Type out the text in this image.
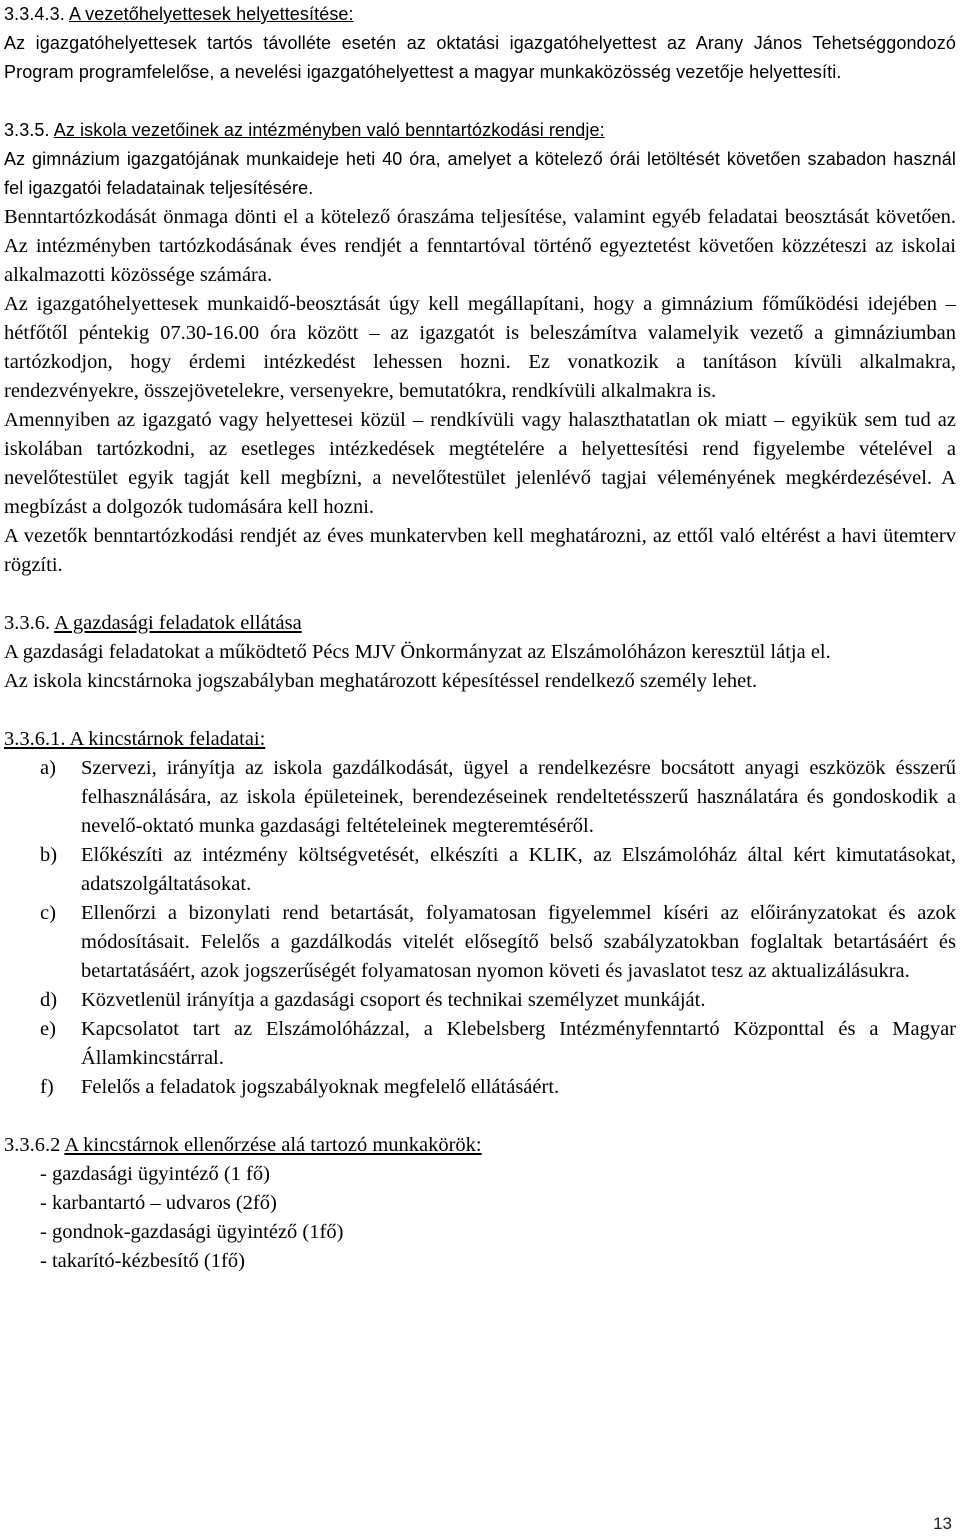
3.3.4.3. A vezetőhelyettesek helyettesítése:

Az igazgatóhelyettesek tartós távolléte esetén az oktatási igazgatóhelyettest az Arany János Tehetséggondozó Program programfelelőse, a nevelési igazgatóhelyettest a magyar munkaközösség vezetője helyettesíti.

3.3.5. Az iskola vezetőinek az intézményben való benntartózkodási rendje:

Az gimnázium igazgatójának munkaideje heti 40 óra, amelyet a kötelező órái letöltését követően szabadon használ fel igazgatói feladatainak teljesítésére.

Benntartózkodását önmaga dönti el a kötelező óraszáma teljesítése, valamint egyéb feladatai beosztását követően. Az intézményben tartózkodásának éves rendjét a fenntartóval történő egyeztetést követően közzéteszi az iskolai alkalmazotti közössége számára.

Az igazgatóhelyettesek munkaidő-beosztását úgy kell megállapítani, hogy a gimnázium főműködési idejében – hétfőtől péntekig 07.30-16.00 óra között – az igazgatót is beleszámítva valamelyik vezető a gimnáziumban tartózkodjon, hogy érdemi intézkedést lehessen hozni. Ez vonatkozik a tanításon kívüli alkalmakra, rendezvényekre, összejövetelekre, versenyekre, bemutatókra, rendkívüli alkalmakra is.

Amennyiben az igazgató vagy helyettesei közül – rendkívüli vagy halaszthatatlan ok miatt – egyikük sem tud az iskolában tartózkodni, az esetleges intézkedések megtételére a helyettesítési rend figyelembe vételével a nevelőtestület egyik tagját kell megbízni, a nevelőtestület jelenlévő tagjai véleményének megkérdezésével. A megbízást a dolgozók tudomására kell hozni.

A vezetők benntartózkodási rendjét az éves munkatervben kell meghatározni, az ettől való eltérést a havi ütemterv rögzíti.

3.3.6. A gazdasági feladatok ellátása

A gazdasági feladatokat a működtető Pécs MJV Önkormányzat az Elszámolóházon keresztül látja el.

Az iskola kincstárnoka jogszabályban meghatározott képesítéssel rendelkező személy lehet.

3.3.6.1. A kincstárnok feladatai:

a)	Szervezi, irányítja az iskola gazdálkodását, ügyel a rendelkezésre bocsátott anyagi eszközök ésszerű felhasználására, az iskola épületeinek, berendezéseinek rendeltetésszerű használatára és gondoskodik a nevelő-oktató munka gazdasági feltételeinek megteremtéséről.
b)	Előkészíti az intézmény költségvetését, elkészíti a KLIK, az Elszámolóház által kért kimutatásokat, adatszolgáltatásokat.
c)	Ellenőrzi a bizonylati rend betartását, folyamatosan figyelemmel kíséri az előirányzatokat és azok módosításait. Felelős a gazdálkodás vitelét elősegítő belső szabályzatokban foglaltak betartásáért és betartatásáért, azok jogszerűségét folyamatosan nyomon követi és javaslatot tesz az aktualizálásukra.
d)	Közvetlenül irányítja a gazdasági csoport és technikai személyzet munkáját.
e)	Kapcsolatot tart az Elszámolóházzal, a Klebelsberg Intézményfenntartó Központtal és a Magyar Államkincstárral.
f)	Felelős a feladatok jogszabályoknak megfelelő ellátásáért.

3.3.6.2 A kincstárnok ellenőrzése alá tartozó munkakörök:

- gazdasági ügyintéző (1 fő)

- karbantartó – udvaros (2fő)

- gondnok-gazdasági ügyintéző (1fő)

- takarító-kézbesítő (1fő)

13
